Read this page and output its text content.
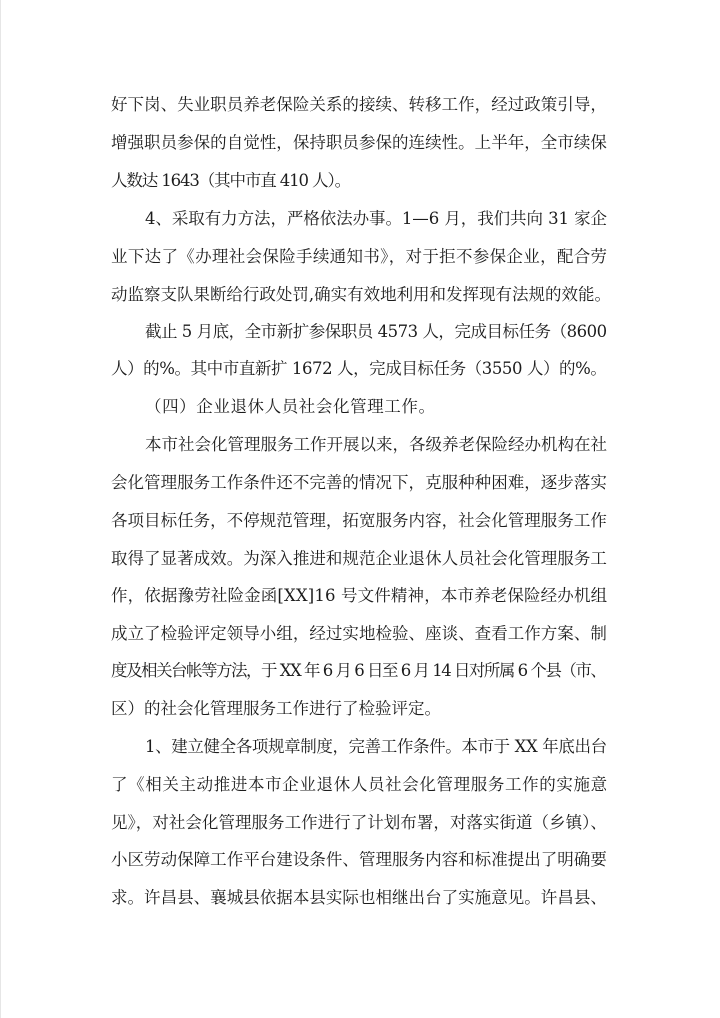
好下岗、失业职员养老保险关系的接续、转移工作，经过政策引导，
增强职员参保的自觉性，保持职员参保的连续性。上半年，全市续保
人数达 1643（其中市直 410 人）。
4、采取有力方法，严格依法办事。1—6 月，我们共向 31 家企
业下达了《办理社会保险手续通知书》，对于拒不参保企业，配合劳
动监察支队果断给行政处罚,确实有效地利用和发挥现有法规的效能。
截止 5 月底，全市新扩参保职员 4573 人，完成目标任务（8600
人）的%。其中市直新扩 1672 人，完成目标任务（3550 人）的%。
（四）企业退休人员社会化管理工作。
本市社会化管理服务工作开展以来，各级养老保险经办机构在社
会化管理服务工作条件还不完善的情况下，克服种种困难，逐步落实
各项目标任务，不停规范管理，拓宽服务内容，社会化管理服务工作
取得了显著成效。为深入推进和规范企业退休人员社会化管理服务工
作，依据豫劳社险金函[XX]16 号文件精神，本市养老保险经办机组
成立了检验评定领导小组，经过实地检验、座谈、查看工作方案、制
度及相关台帐等方法，于 XX 年 6 月 6 日至 6 月 14 日对所属 6 个县（市、
区）的社会化管理服务工作进行了检验评定。
1、建立健全各项规章制度，完善工作条件。本市于 XX 年底出台
了《相关主动推进本市企业退休人员社会化管理服务工作的实施意
见》，对社会化管理服务工作进行了计划布署，对落实街道（乡镇）、
小区劳动保障工作平台建设条件、管理服务内容和标准提出了明确要
求。许昌县、襄城县依据本县实际也相继出台了实施意见。许昌县、
